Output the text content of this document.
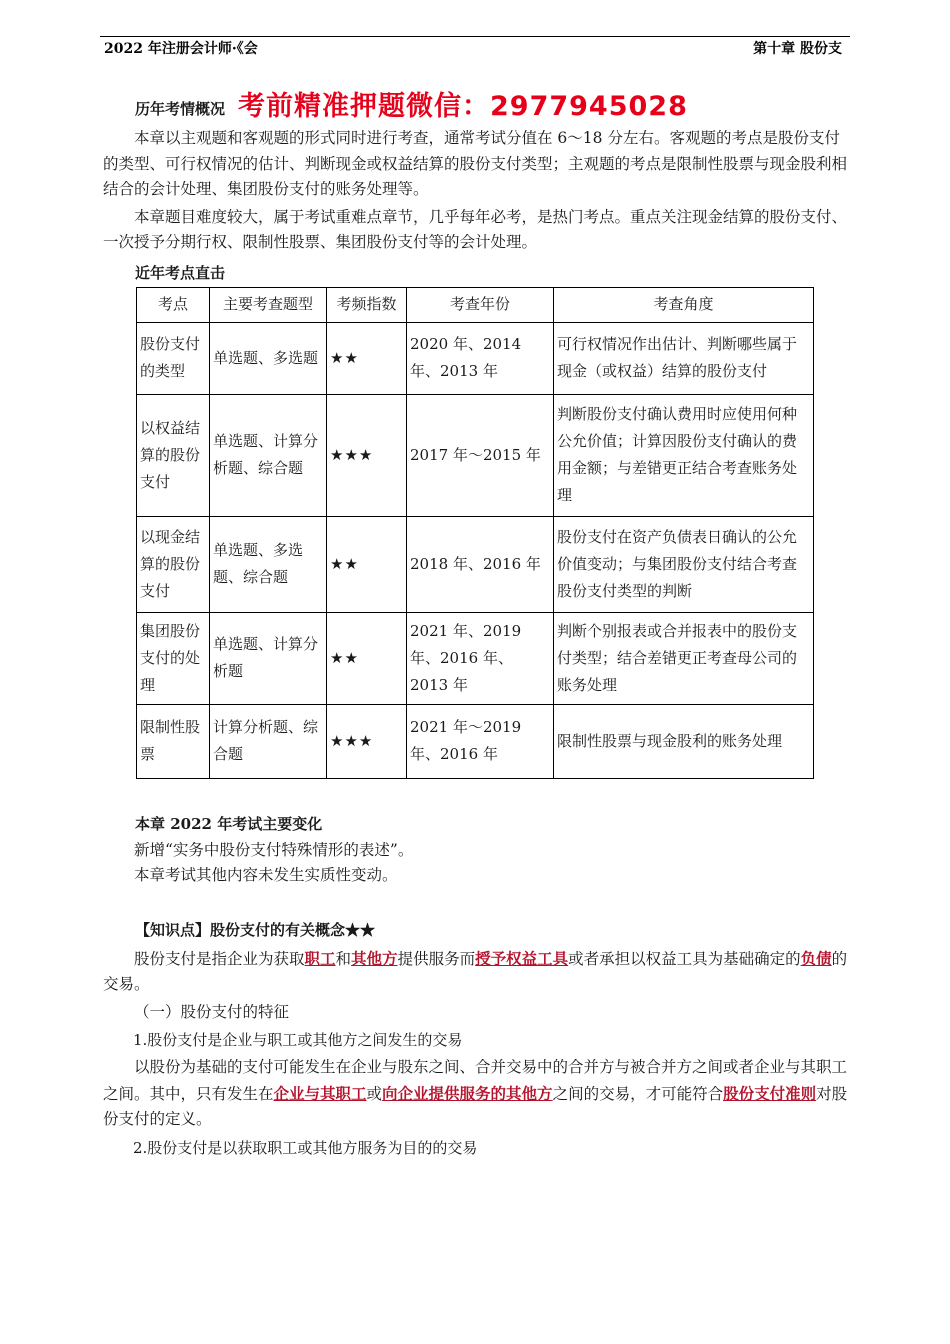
2022 年注册会计师·《会	第十章 股份支
历年考情概况 考前精准押题微信：2977945028

本章以主观题和客观题的形式同时进行考查，通常考试分值在 6～18 分左右。客观题的考点是股份支付的类型、可行权情况的估计、判断现金或权益结算的股份支付类型；主观题的考点是限制性股票与现金股利相结合的会计处理、集团股份支付的账务处理等。

本章题目难度较大，属于考试重难点章节，几乎每年必考，是热门考点。重点关注现金结算的股份支付、一次授予分期行权、限制性股票、集团股份支付等的会计处理。

近年考点直击
考点	主要考查题型	考频指数	考查年份	考查角度
股份支付的类型	单选题、多选题	★★	2020 年、2014 年、2013 年	可行权情况作出估计、判断哪些属于现金（或权益）结算的股份支付
以权益结算的股份支付	单选题、计算分析题、综合题	★★★	2017 年～2015 年	判断股份支付确认费用时应使用何种公允价值；计算因股份支付确认的费用金额；与差错更正结合考查账务处理
以现金结算的股份支付	单选题、多选题、综合题	★★	2018 年、2016 年	股份支付在资产负债表日确认的公允价值变动；与集团股份支付结合考查股份支付类型的判断
集团股份支付的处理	单选题、计算分析题	★★	2021 年、2019 年、2016 年、2013 年	判断个别报表或合并报表中的股份支付类型；结合差错更正考查母公司的账务处理
限制性股票	计算分析题、综合题	★★★	2021 年～2019 年、2016 年	限制性股票与现金股利的账务处理
本章 2022 年考试主要变化

新增“实务中股份支付特殊情形的表述”。

本章考试其他内容未发生实质性变动。

【知识点】股份支付的有关概念★★

股份支付是指企业为获取职工和其他方提供服务而授予权益工具或者承担以权益工具为基础确定的负债的交易。

（一）股份支付的特征

1.股份支付是企业与职工或其他方之间发生的交易

以股份为基础的支付可能发生在企业与股东之间、合并交易中的合并方与被合并方之间或者企业与其职工之间。其中，只有发生在企业与其职工或向企业提供服务的其他方之间的交易，才可能符合股份支付准则对股份支付的定义。

2.股份支付是以获取职工或其他方服务为目的的交易
